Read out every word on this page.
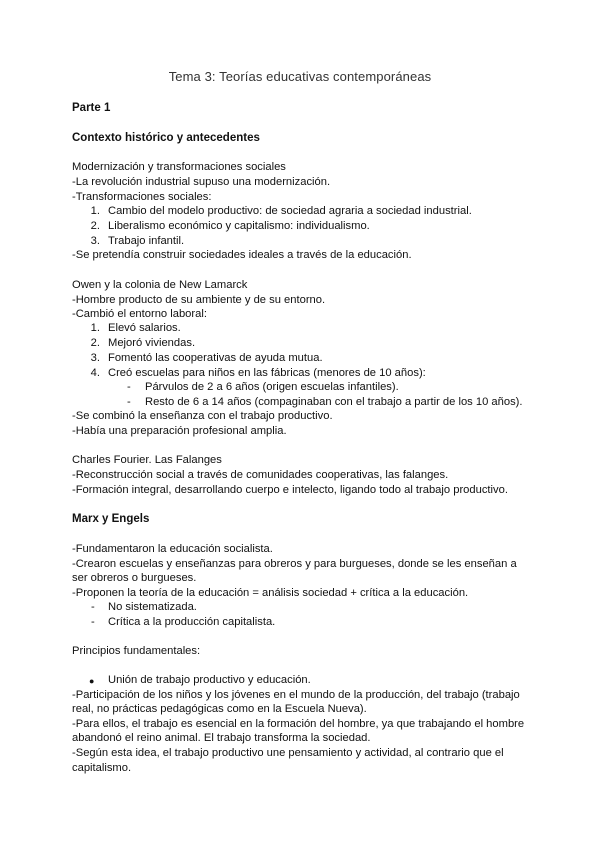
Tema 3: Teorías educativas contemporáneas
Parte 1
Contexto histórico y antecedentes
Modernización y transformaciones sociales
-La revolución industrial supuso una modernización.
-Transformaciones sociales:
1. Cambio del modelo productivo: de sociedad agraria a sociedad industrial.
2. Liberalismo económico y capitalismo: individualismo.
3. Trabajo infantil.
-Se pretendía construir sociedades ideales a través de la educación.
Owen y la colonia de New Lamarck
-Hombre producto de su ambiente y de su entorno.
-Cambió el entorno laboral:
1. Elevó salarios.
2. Mejoró viviendas.
3. Fomentó las cooperativas de ayuda mutua.
4. Creó escuelas para niños en las fábricas (menores de 10 años):
- Párvulos de 2 a 6 años (origen escuelas infantiles).
- Resto de 6 a 14 años (compaginaban con el trabajo a partir de los 10 años).
-Se combinó la enseñanza con el trabajo productivo.
-Había una preparación profesional amplia.
Charles Fourier. Las Falanges
-Reconstrucción social a través de comunidades cooperativas, las falanges.
-Formación integral, desarrollando cuerpo e intelecto, ligando todo al trabajo productivo.
Marx y Engels
-Fundamentaron la educación socialista.
-Crearon escuelas y enseñanzas para obreros y para burgueses, donde se les enseñan a
ser obreros o burgueses.
-Proponen la teoría de la educación = análisis sociedad + crítica a la educación.
- No sistematizada.
- Crítica a la producción capitalista.
Principios fundamentales:
● Unión de trabajo productivo y educación.
-Participación de los niños y los jóvenes en el mundo de la producción, del trabajo (trabajo
real, no prácticas pedagógicas como en la Escuela Nueva).
-Para ellos, el trabajo es esencial en la formación del hombre, ya que trabajando el hombre
abandonó el reino animal. El trabajo transforma la sociedad.
-Según esta idea, el trabajo productivo une pensamiento y actividad, al contrario que el
capitalismo.
